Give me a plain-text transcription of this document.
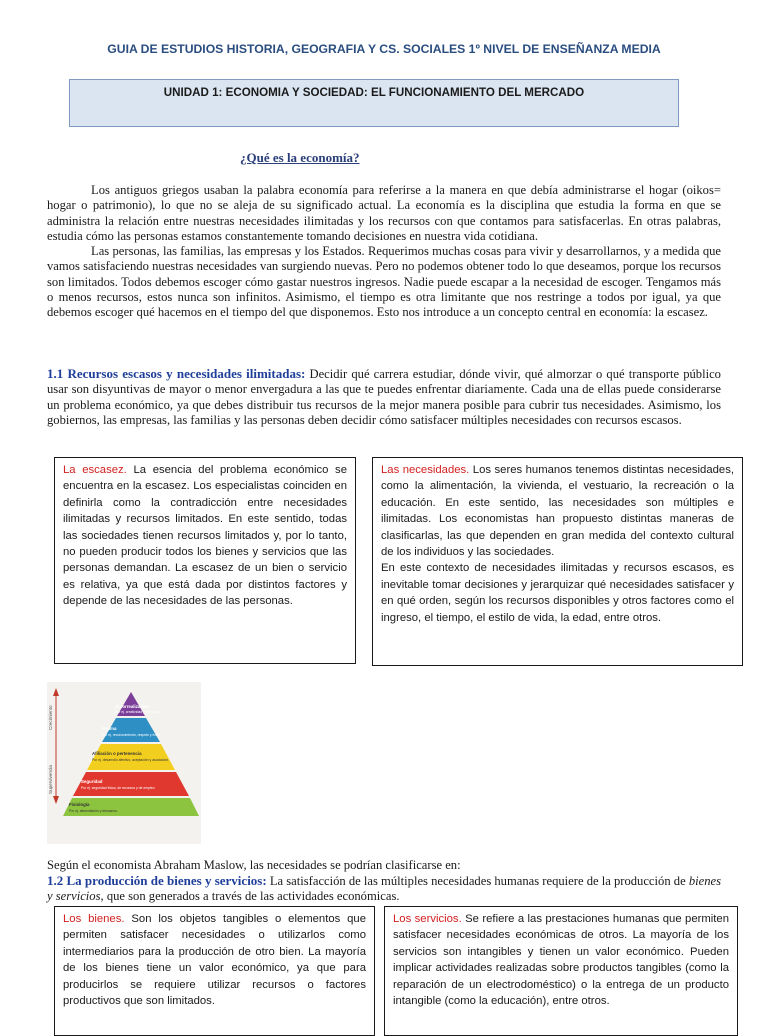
GUIA DE ESTUDIOS HISTORIA, GEOGRAFIA Y CS. SOCIALES 1º NIVEL DE ENSEÑANZA MEDIA
UNIDAD 1: ECONOMIA Y SOCIEDAD: EL FUNCIONAMIENTO DEL MERCADO
¿Qué es la economía?

Los antiguos griegos usaban la palabra economía para referirse a la manera en que debía administrarse el hogar (oikos= hogar o patrimonio), lo que no se aleja de su significado actual. La economía es la disciplina que estudia la forma en que se administra la relación entre nuestras necesidades ilimitadas y los recursos con que contamos para satisfacerlas. En otras palabras, estudia cómo las personas estamos constantemente tomando decisiones en nuestra vida cotidiana.

Las personas, las familias, las empresas y los Estados. Requerimos muchas cosas para vivir y desarrollarnos, y a medida que vamos satisfaciendo nuestras necesidades van surgiendo nuevas. Pero no podemos obtener todo lo que deseamos, porque los recursos son limitados. Todos debemos escoger cómo gastar nuestros ingresos. Nadie puede escapar a la necesidad de escoger. Tengamos más o menos recursos, estos nunca son infinitos. Asimismo, el tiempo es otra limitante que nos restringe a todos por igual, ya que debemos escoger qué hacemos en el tiempo del que disponemos. Esto nos introduce a un concepto central en economía: la escasez.

1.1 Recursos escasos y necesidades ilimitadas: Decidir qué carrera estudiar, dónde vivir, qué almorzar o qué transporte público usar son disyuntivas de mayor o menor envergadura a las que te puedes enfrentar diariamente. Cada una de ellas puede considerarse un problema económico, ya que debes distribuir tus recursos de la mejor manera posible para cubrir tus necesidades. Asimismo, los gobiernos, las empresas, las familias y las personas deben decidir cómo satisfacer múltiples necesidades con recursos escasos.

La escasez. La esencia del problema económico se encuentra en la escasez. Los especialistas coinciden en definirla como la contradicción entre necesidades ilimitadas y recursos limitados. En este sentido, todas las sociedades tienen recursos limitados y, por lo tanto, no pueden producir todos los bienes y servicios que las personas demandan. La escasez de un bien o servicio es relativa, ya que está dada por distintos factores y depende de las necesidades de las personas.

Las necesidades. Los seres humanos tenemos distintas necesidades, como la alimentación, la vivienda, el vestuario, la recreación o la educación. En este sentido, las necesidades son múltiples e ilimitadas. Los economistas han propuesto distintas maneras de clasificarlas, las que dependen en gran medida del contexto cultural de los individuos y las sociedades.

En este contexto de necesidades ilimitadas y recursos escasos, es inevitable tomar decisiones y jerarquizar qué necesidades satisfacer y en qué orden, según los recursos disponibles y otros factores como el ingreso, el tiempo, el estilo de vida, la edad, entre otros.

Crecimiento
Supervivencia
Autorrealización
Por ej. creatividad y liderazgo.
Estima
Por ej. reconocimiento, respeto y éxito.
Afiliación o pertenencia
Por ej. desarrollo afectivo, aceptación y asociación.
Seguridad
Por ej. seguridad física, de recursos y de empleo.
Fisiología
Por ej. alimentación y descanso.
Según el economista Abraham Maslow, las necesidades se podrían clasificarse en:
1.2 La producción de bienes y servicios: La satisfacción de las múltiples necesidades humanas requiere de la producción de bienes y servicios, que son generados a través de las actividades económicas.

Los bienes. Son los objetos tangibles o elementos que permiten satisfacer necesidades o utilizarlos como intermediarios para la producción de otro bien. La mayoría de los bienes tiene un valor económico, ya que para producirlos se requiere utilizar recursos o factores productivos que son limitados.

Los servicios. Se refiere a las prestaciones humanas que permiten satisfacer necesidades económicas de otros. La mayoría de los servicios son intangibles y tienen un valor económico. Pueden implicar actividades realizadas sobre productos tangibles (como la reparación de un electrodoméstico) o la entrega de un producto intangible (como la educación), entre otros.
